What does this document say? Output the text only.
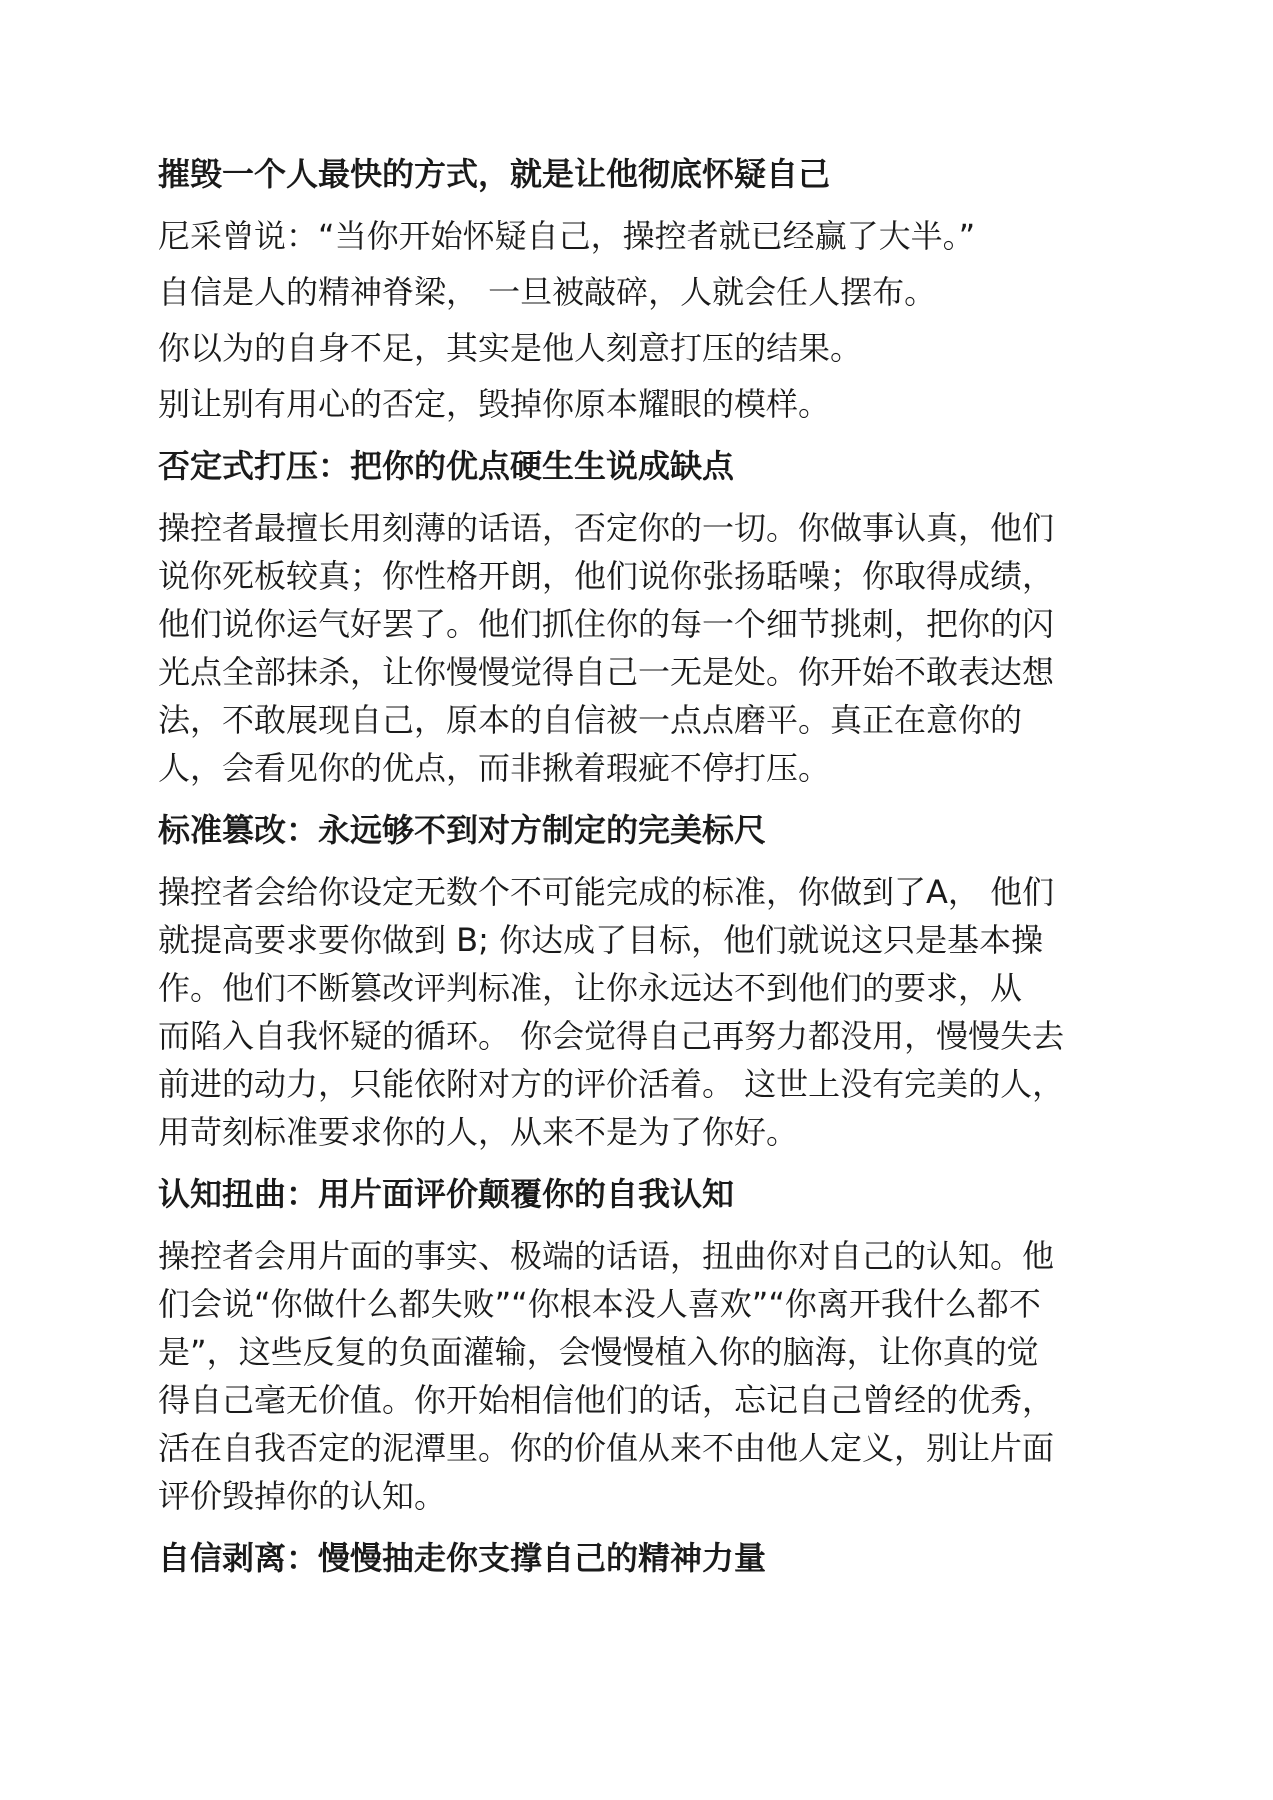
摧毁一个人最快的方式，就是让他彻底怀疑自己
尼采曾说：“当你开始怀疑自己，操控者就已经赢了大半。”
自信是人的精神脊梁， 一旦被敲碎，人就会任人摆布。
你以为的自身不足，其实是他人刻意打压的结果。
别让别有用心的否定，毁掉你原本耀眼的模样。
否定式打压：把你的优点硬生生说成缺点
操控者最擅长用刻薄的话语，否定你的一切。你做事认真，他们
说你死板较真；你性格开朗，他们说你张扬聒噪；你取得成绩，
他们说你运气好罢了。他们抓住你的每一个细节挑刺，把你的闪
光点全部抹杀，让你慢慢觉得自己一无是处。你开始不敢表达想
法，不敢展现自己，原本的自信被一点点磨平。真正在意你的
人，会看见你的优点，而非揪着瑕疵不停打压。
标准篡改：永远够不到对方制定的完美标尺
操控者会给你设定无数个不可能完成的标准，你做到了A， 他们
就提高要求要你做到 B; 你达成了目标，他们就说这只是基本操
作。他们不断篡改评判标准，让你永远达不到他们的要求，从
而陷入自我怀疑的循环。 你会觉得自己再努力都没用，慢慢失去
前进的动力，只能依附对方的评价活着。 这世上没有完美的人，
用苛刻标准要求你的人，从来不是为了你好。
认知扭曲：用片面评价颠覆你的自我认知
操控者会用片面的事实、极端的话语，扭曲你对自己的认知。他
们会说“你做什么都失败”“你根本没人喜欢”“你离开我什么都不
是”，这些反复的负面灌输，会慢慢植入你的脑海，让你真的觉
得自己毫无价值。你开始相信他们的话，忘记自己曾经的优秀，
活在自我否定的泥潭里。你的价值从来不由他人定义，别让片面
评价毁掉你的认知。
自信剥离：慢慢抽走你支撑自己的精神力量
